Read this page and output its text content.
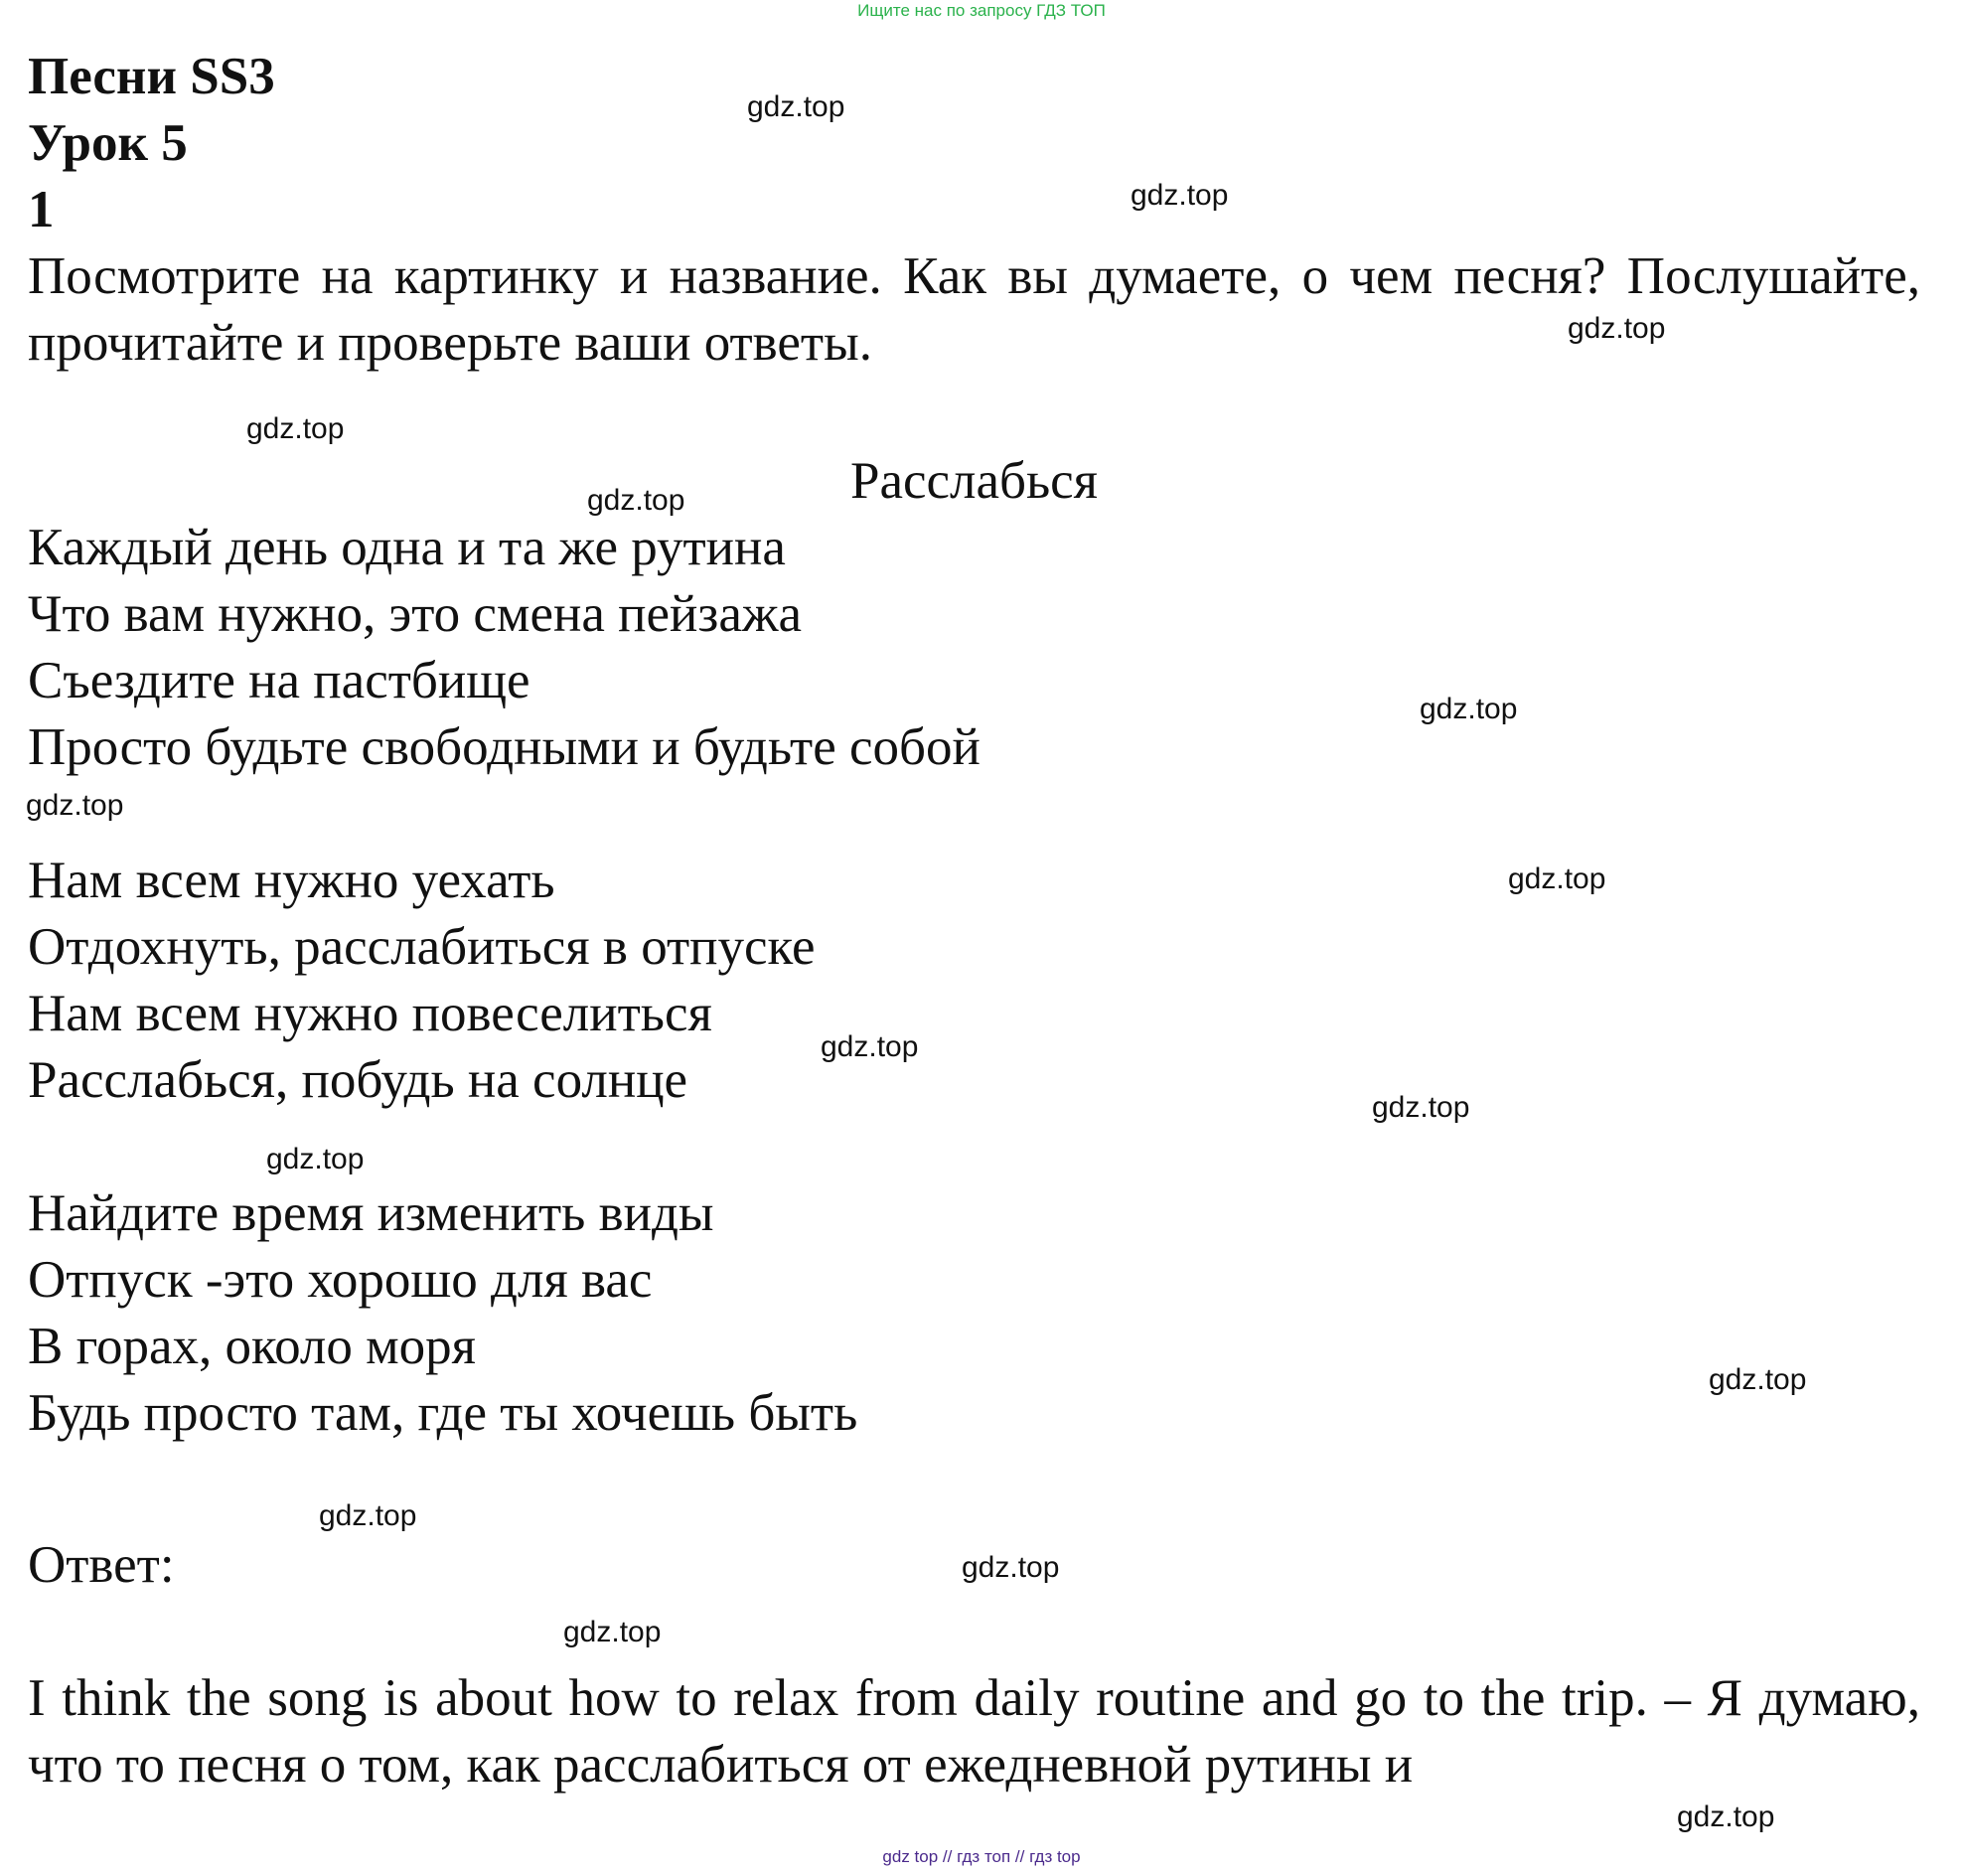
Ищите нас по запросу ГДЗ ТОП
Песни SS3
Урок 5
1

Посмотрите на картинку и название. Как вы думаете, о чем песня? Послушайте, прочитайте и проверьте ваши ответы.

Расслабься
Каждый день одна и та же рутина
Что вам нужно, это смена пейзажа
Съездите на пастбище
Просто будьте свободными и будьте собой
Нам всем нужно уехать
Отдохнуть, расслабиться в отпуске
Нам всем нужно повеселиться
Расслабься, побудь на солнце
Найдите время изменить виды
Отпуск -это хорошо для вас
В горах, около моря
Будь просто там, где ты хочешь быть
Ответ:

I think the song is about how to relax from daily routine and go to the trip. – Я думаю, что то песня о том, как расслабиться от ежедневной рутины и

gdz.top
gdz.top
gdz.top
gdz.top
gdz.top
gdz.top
gdz.top
gdz.top
gdz.top
gdz.top
gdz.top
gdz.top
gdz.top
gdz.top
gdz.top
gdz.top
gdz top // гдз топ // гдз top
